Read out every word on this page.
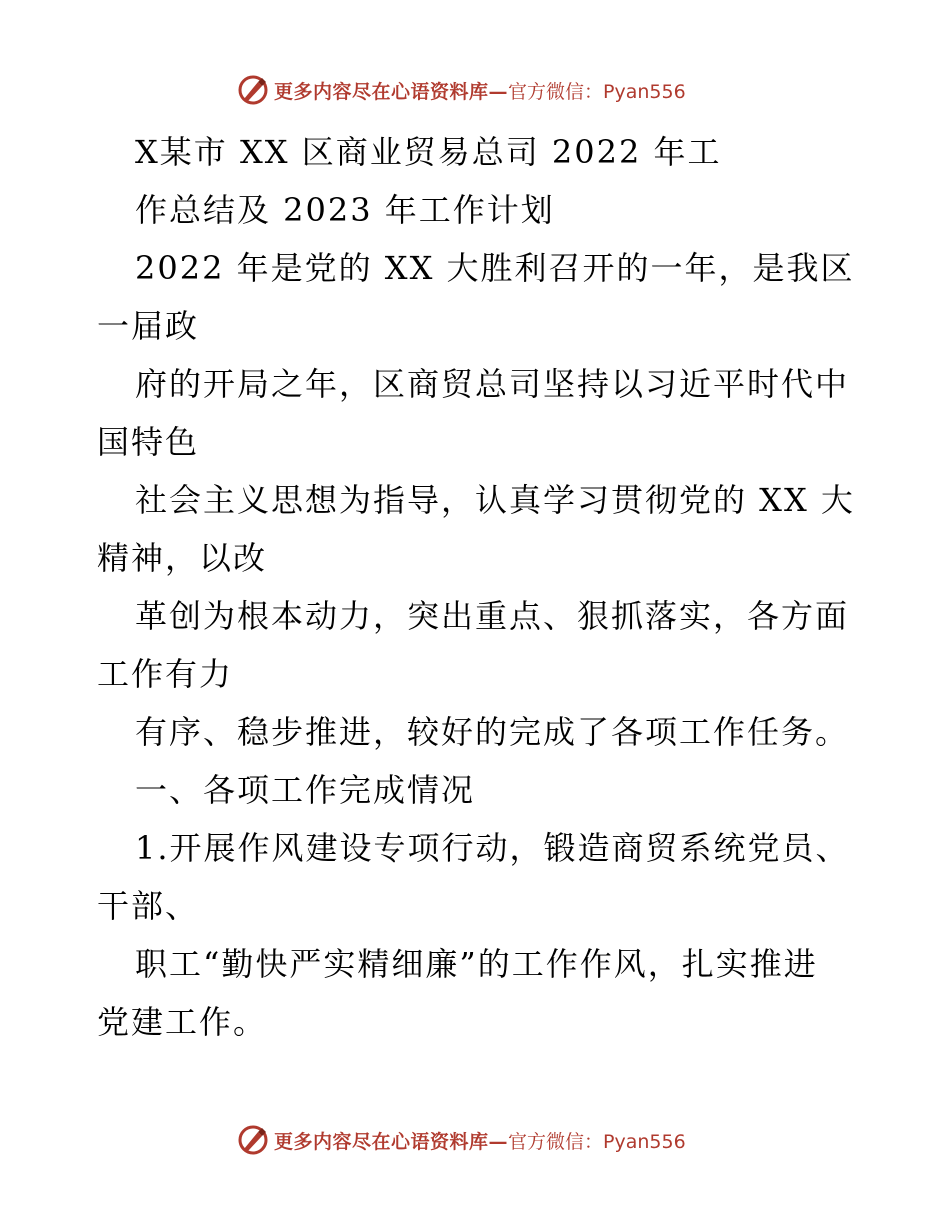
更多内容尽在心语资料库— 官方微信：Pyan556
X某市 XX 区商业贸易总司 2022 年工
作总结及 2023 年工作计划
2022 年是党的 XX 大胜利召开的一年，是我区
一届政
府的开局之年，区商贸总司坚持以习近平时代中
国特色
社会主义思想为指导，认真学习贯彻党的 XX 大
精神，以改
革创为根本动力，突出重点、狠抓落实，各方面
工作有力
有序、稳步推进，较好的完成了各项工作任务。
一、各项工作完成情况
1.开展作风建设专项行动，锻造商贸系统党员、
干部、
职工“勤快严实精细廉”的工作作风，扎实推进
党建工作。
更多内容尽在心语资料库— 官方微信：Pyan556
